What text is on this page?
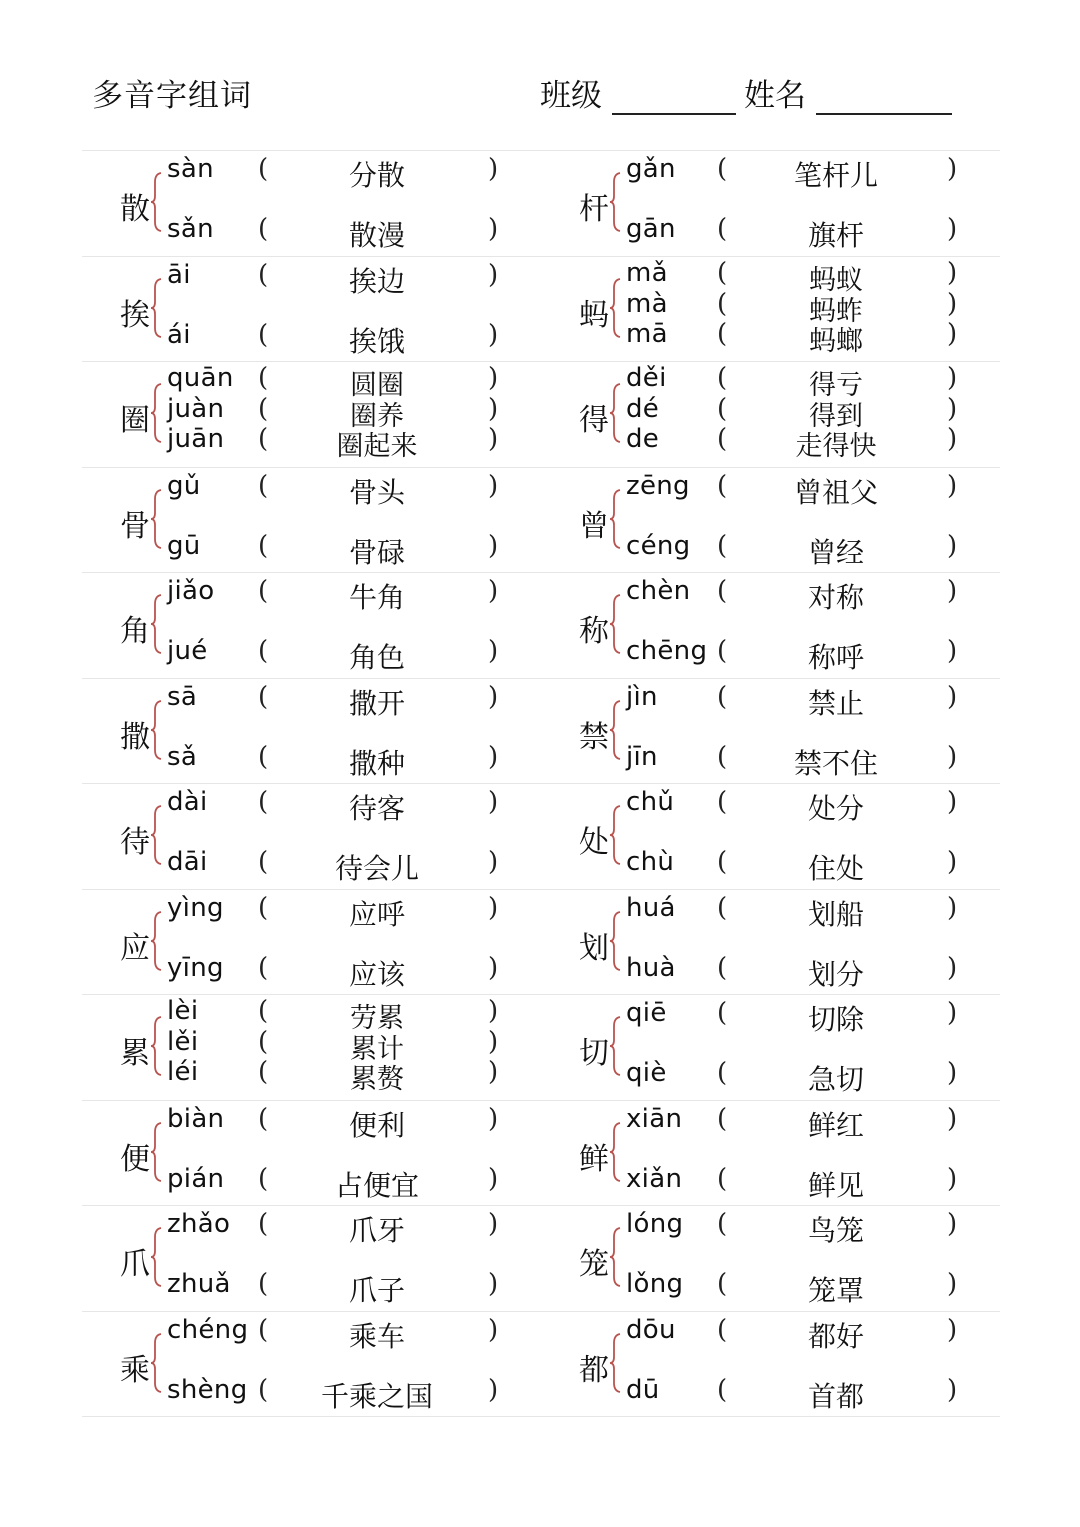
多音字组词	班级	姓名
散
sàn (	分散	)
sǎn (	散漫	)
杆
gǎn (	笔杆儿	)
gān (	旗杆	)
挨
āi	(	挨边	)
ái	(	挨饿	)
蚂
mǎ (	蚂蚁	)
mà (	蚂蚱	)
mā (	蚂螂	)
圈
quān (	圆圈	)
juàn (	圈养	)
juān (	圈起来	)
得
děi (	得亏	)
dé (	得到	)
de (	走得快	)
骨
gǔ (	骨头	)
gū (	骨碌	)
曾
zēng (	曾祖父	)
céng (	曾经	)
角
jiǎo (	牛角	)
jué (	角色	)
称
chèn (	对称	)
chēng (	称呼	)
撒
sā (	撒开	)
sǎ (	撒种	)
禁
jìn (	禁止	)
jīn (	禁不住	)
待
dài (	待客	)
dāi (	待会儿	)
处
chǔ (	处分	)
chù (	住处	)
应
yìng (	应呼	)
yīng (	应该	)
划
huá (	划船	)
huà (	划分	)
累
lèi (	劳累	)
lěi (	累计	)
léi (	累赘	)
切
qiē (	切除	)
qiè (	急切	)
便
biàn (	便利	)
pián (	占便宜	)
鲜
xiān (	鲜红	)
xiǎn (	鲜见	)
爪
zhǎo (	爪牙	)
zhuǎ (	爪子	)
笼
lóng (	鸟笼	)
lǒng (	笼罩	)
乘
chéng (	乘车	)
shèng (	千乘之国	)
都
dōu (	都好	)
dū (	首都	)
